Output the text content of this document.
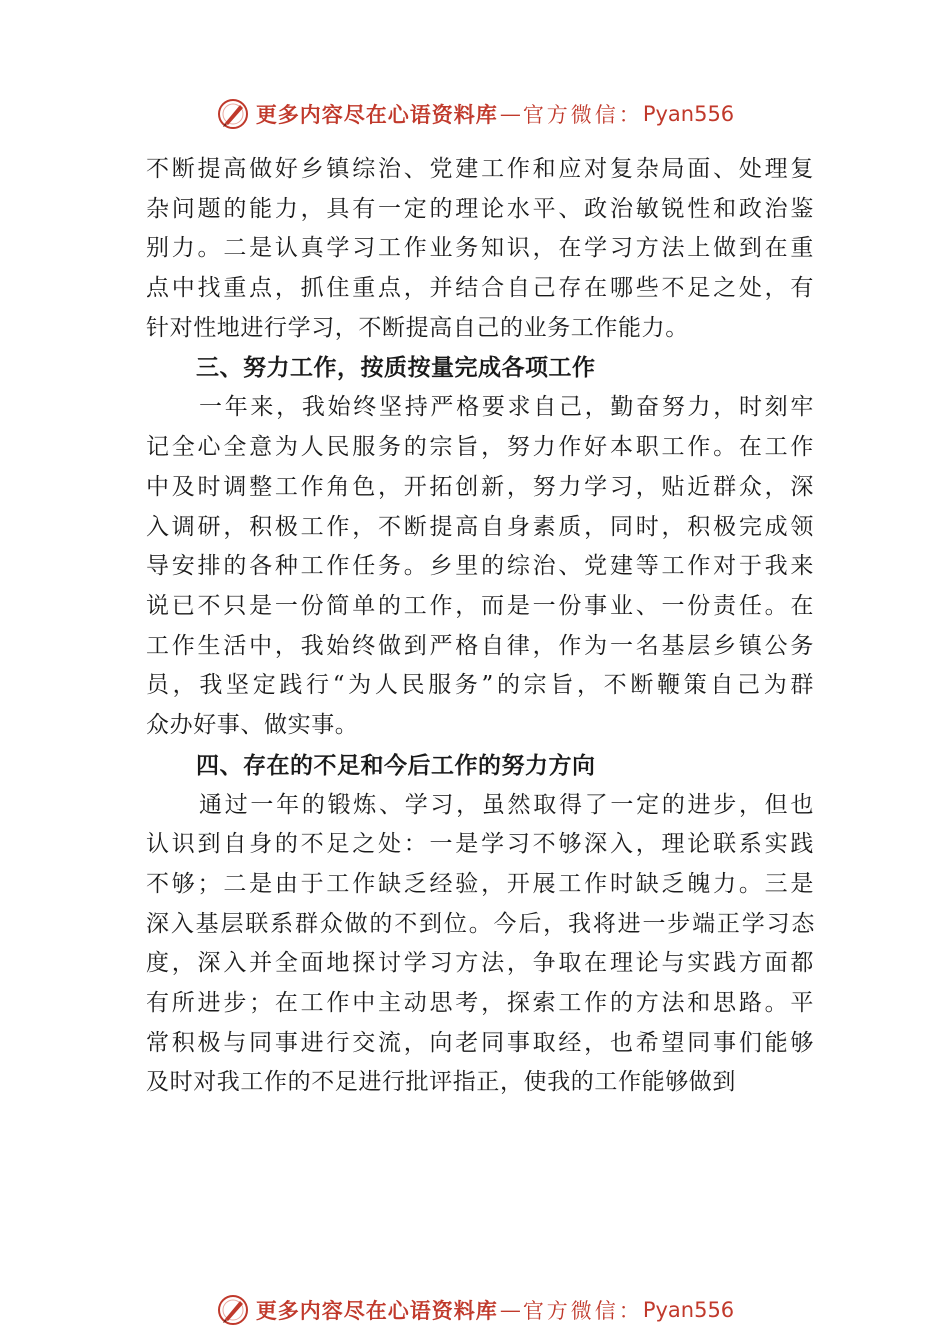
更多内容尽在心语资料库 — 官方微信： Pyan556
不断提高做好乡镇综治、党建工作和应对复杂局面、处理复
杂问题的能力，具有一定的理论水平、政治敏锐性和政治鉴
别力。二是认真学习工作业务知识，在学习方法上做到在重
点中找重点，抓住重点，并结合自己存在哪些不足之处，有
针对性地进行学习，不断提高自己的业务工作能力。
三、努力工作，按质按量完成各项工作
一年来，我始终坚持严格要求自己，勤奋努力，时刻牢
记全心全意为人民服务的宗旨，努力作好本职工作。在工作
中及时调整工作角色，开拓创新，努力学习，贴近群众，深
入调研，积极工作，不断提高自身素质，同时，积极完成领
导安排的各种工作任务。乡里的综治、党建等工作对于我来
说已不只是一份简单的工作，而是一份事业、一份责任。在
工作生活中，我始终做到严格自律，作为一名基层乡镇公务
员，我坚定践行“为人民服务”的宗旨，不断鞭策自己为群
众办好事、做实事。
四、存在的不足和今后工作的努力方向
通过一年的锻炼、学习，虽然取得了一定的进步，但也
认识到自身的不足之处：一是学习不够深入，理论联系实践
不够；二是由于工作缺乏经验，开展工作时缺乏魄力。三是
深入基层联系群众做的不到位。今后，我将进一步端正学习态
度，深入并全面地探讨学习方法，争取在理论与实践方面都
有所进步；在工作中主动思考，探索工作的方法和思路。平
常积极与同事进行交流，向老同事取经，也希望同事们能够
及时对我工作的不足进行批评指正，使我的工作能够做到
更多内容尽在心语资料库 — 官方微信： Pyan556
